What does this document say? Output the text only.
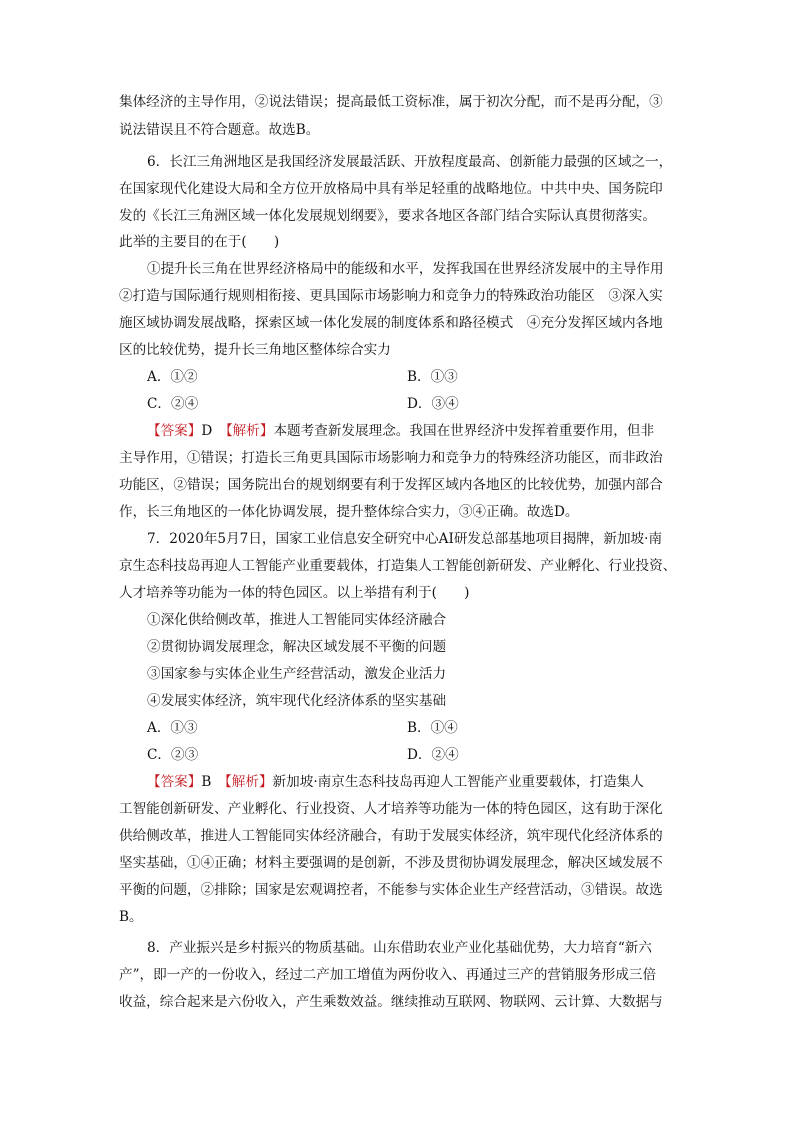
集体经济的主导作用，②说法错误；提高最低工资标准，属于初次分配，而不是再分配，③
说法错误且不符合题意。故选B。
6．长江三角洲地区是我国经济发展最活跃、开放程度最高、创新能力最强的区域之一，
在国家现代化建设大局和全方位开放格局中具有举足轻重的战略地位。中共中央、国务院印
发的《长江三角洲区域一体化发展规划纲要》，要求各地区各部门结合实际认真贯彻落实。
此举的主要目的在于(　　)
①提升长三角在世界经济格局中的能级和水平，发挥我国在世界经济发展中的主导作用
②打造与国际通行规则相衔接、更具国际市场影响力和竞争力的特殊政治功能区　③深入实
施区域协调发展战略，探索区域一体化发展的制度体系和路径模式　④充分发挥区域内各地
区的比较优势，提升长三角地区整体综合实力
A．①②	B．①③
C．②④	D．③④
【答案】D　 【解析】本题考查新发展理念。我国在世界经济中发挥着重要作用，但非
主导作用，①错误；打造长三角更具国际市场影响力和竞争力的特殊经济功能区，而非政治
功能区，②错误；国务院出台的规划纲要有利于发挥区域内各地区的比较优势，加强内部合
作，长三角地区的一体化协调发展，提升整体综合实力，③④正确。故选D。
7．2020年5月7日，国家工业信息安全研究中心AI研发总部基地项目揭牌，新加坡·南
京生态科技岛再迎人工智能产业重要载体，打造集人工智能创新研发、产业孵化、行业投资、
人才培养等功能为一体的特色园区。以上举措有利于(　　)
①深化供给侧改革，推进人工智能同实体经济融合
②贯彻协调发展理念，解决区域发展不平衡的问题
③国家参与实体企业生产经营活动，激发企业活力
④发展实体经济，筑牢现代化经济体系的坚实基础
A．①③	B．①④
C．②③	D．②④
【答案】B　 【解析】新加坡·南京生态科技岛再迎人工智能产业重要载体，打造集人
工智能创新研发、产业孵化、行业投资、人才培养等功能为一体的特色园区，这有助于深化
供给侧改革，推进人工智能同实体经济融合，有助于发展实体经济，筑牢现代化经济体系的
坚实基础，①④正确；材料主要强调的是创新，不涉及贯彻协调发展理念，解决区域发展不
平衡的问题，②排除；国家是宏观调控者，不能参与实体企业生产经营活动，③错误。故选
B。
8．产业振兴是乡村振兴的物质基础。山东借助农业产业化基础优势，大力培育“新六
产”，即一产的一份收入，经过二产加工增值为两份收入、再通过三产的营销服务形成三倍
收益，综合起来是六份收入，产生乘数效益。继续推动互联网、物联网、云计算、大数据与
